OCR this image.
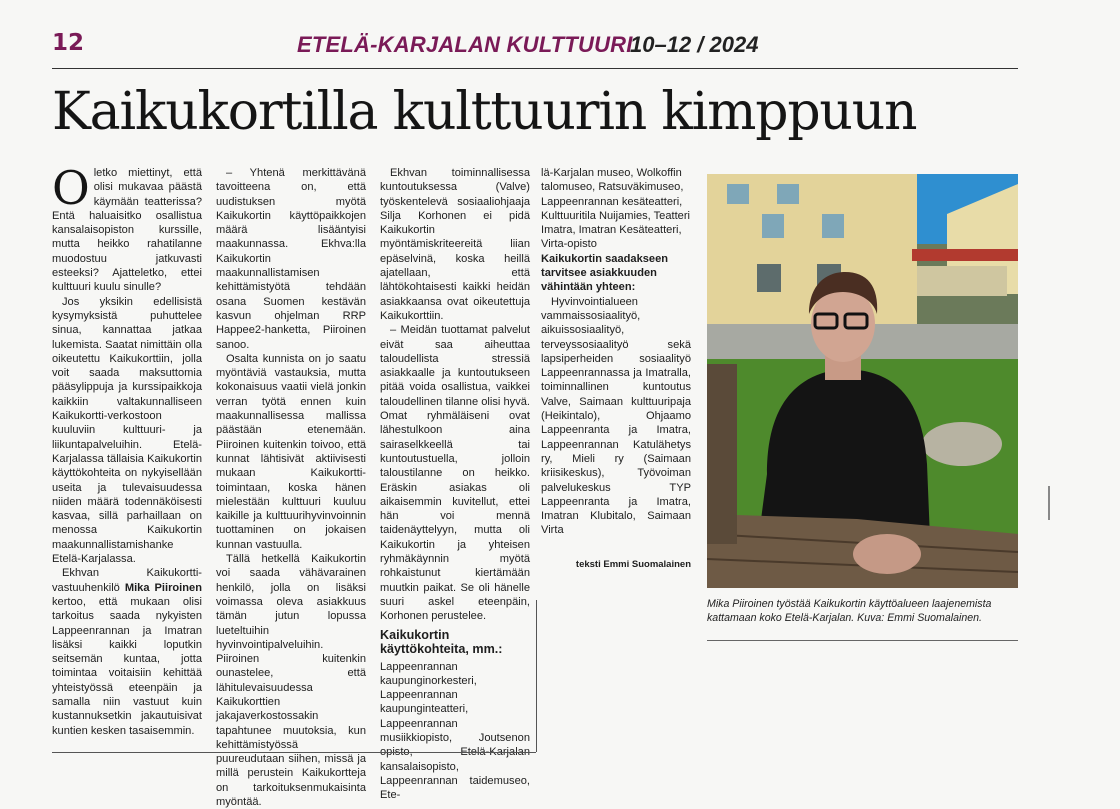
12	ETELÄ-KARJALAN KULTTUURI
10–12 / 2024
Kaikukortilla kulttuurin kimppuun

Oletko miettinyt, että olisi mukavaa päästä käymään teatterissa? Entä haluaisitko osallistua kansalaisopiston kurssille, mutta heikko rahatilanne muodostuu jatkuvasti esteeksi? Ajatteletko, ettei kulttuuri kuulu sinulle?

Jos yksikin edellisistä kysymyksistä puhuttelee sinua, kannattaa jatkaa lukemista. Saatat nimittäin olla oikeutettu Kaikukorttiin, jolla voit saada maksuttomia pääsylippuja ja kurssipaikkoja kaikkiin valtakunnalliseen Kaikukortti-verkostoon kuuluviin kulttuuri- ja liikuntapalveluihin. Etelä-Karjalassa tällaisia Kaikukortin käyttökohteita on nykyisellään useita ja tulevaisuudessa niiden määrä todennäköisesti kasvaa, sillä parhaillaan on menossa Kaikukortin maakunnallistamishanke Etelä-Karjalassa.

Ekhvan Kaikukortti-vastuuhenkilö Mika Piiroinen kertoo, että mukaan olisi tarkoitus saada nykyisten Lappeenrannan ja Imatran lisäksi kaikki loputkin seitsemän kuntaa, jotta toimintaa voitaisiin kehittää yhteistyössä eteenpäin ja samalla niin vastuut kuin kustannuksetkin jakautuisivat kuntien kesken tasaisemmin.

– Yhtenä merkittävänä tavoitteena on, että uudistuksen myötä Kaikukortin käyttöpaikkojen määrä lisääntyisi maakunnassa. Ekhva:lla Kaikukortin maakunnallistamisen kehittämistyötä tehdään osana Suomen kestävän kasvun ohjelman RRP Happee2-hanketta, Piiroinen sanoo.

Osalta kunnista on jo saatu myöntäviä vastauksia, mutta kokonaisuus vaatii vielä jonkin verran työtä ennen kuin maakunnallisessa mallissa päästään etenemään. Piiroinen kuitenkin toivoo, että kunnat lähtisivät aktiivisesti mukaan Kaikukortti-toimintaan, koska hänen mielestään kulttuuri kuuluu kaikille ja kulttuurihyvinvoinnin tuottaminen on jokaisen kunnan vastuulla.

Tällä hetkellä Kaikukortin voi saada vähävarainen henkilö, jolla on lisäksi voimassa oleva asiakkuus tämän jutun lopussa lueteltuihin hyvinvointipalveluihin. Piiroinen kuitenkin ounastelee, että lähitulevaisuudessa Kaikukorttien jakajaverkostossakin tapahtunee muutoksia, kun kehittämistyössä puureudutaan siihen, missä ja millä perustein Kaikukortteja on tarkoituksenmukaisinta myöntää.

Ekhvan toiminnallisessa kuntoutuksessa (Valve) työskentelevä sosiaaliohjaaja Silja Korhonen ei pidä Kaikukortin myöntämiskriteereitä liian epäselvinä, koska heillä ajatellaan, että lähtökohtaisesti kaikki heidän asiakkaansa ovat oikeutettuja Kaikukorttiin.

– Meidän tuottamat palvelut eivät saa aiheuttaa taloudellista stressiä asiakkaalle ja kuntoutukseen pitää voida osallistua, vaikkei taloudellinen tilanne olisi hyvä. Omat ryhmäläiseni ovat lähestulkoon aina sairaselkkeellä tai kuntoutustuella, jolloin taloustilanne on heikko. Eräskin asiakas oli aikaisemmin kuvitellut, ettei hän voi mennä taidenäyttelyyn, mutta oli Kaikukortin ja yhteisen ryhmäkäynnin myötä rohkaistunut kiertämään muutkin paikat. Se oli hänelle suuri askel eteenpäin, Korhonen perustelee.

Kaikukortin käyttökohteita, mm.:

Lappeenrannan kaupunginorkesteri, Lappeenrannan kaupunginteatteri, Lappeenrannan musiikkiopisto, Joutsenon opisto, Etelä-Karjalan kansalaisopisto, Lappeenrannan taidemuseo, Ete-

lä-Karjalan museo, Wolkoffin talomuseo, Ratsuväkimuseo, Lappeenrannan kesäteatteri, Kulttuuritila Nuijamies, Teatteri Imatra, Imatran Kesäteatteri, Virta-opisto

Kaikukortin saadakseen tarvitsee asiakkuuden vähintään yhteen:

Hyvinvointialueen vammaissosiaalityö, aikuissosiaalityö, terveyssosiaalityö sekä lapsiperheiden sosiaalityö Lappeenrannassa ja Imatralla, toiminnallinen kuntoutus Valve, Saimaan kulttuuripaja (Heikintalo), Ohjaamo Lappeenranta ja Imatra, Lappeenrannan Katulähetys ry, Mieli ry (Saimaan kriisikeskus), Työvoiman palvelukeskus TYP Lappeenranta ja Imatra, Imatran Klubitalo, Saimaan Virta

teksti Emmi Suomalainen

Mika Piiroinen työstää Kaikukortin käyttöalueen laajenemista kattamaan koko Etelä-Karjalan. Kuva: Emmi Suomalainen.
